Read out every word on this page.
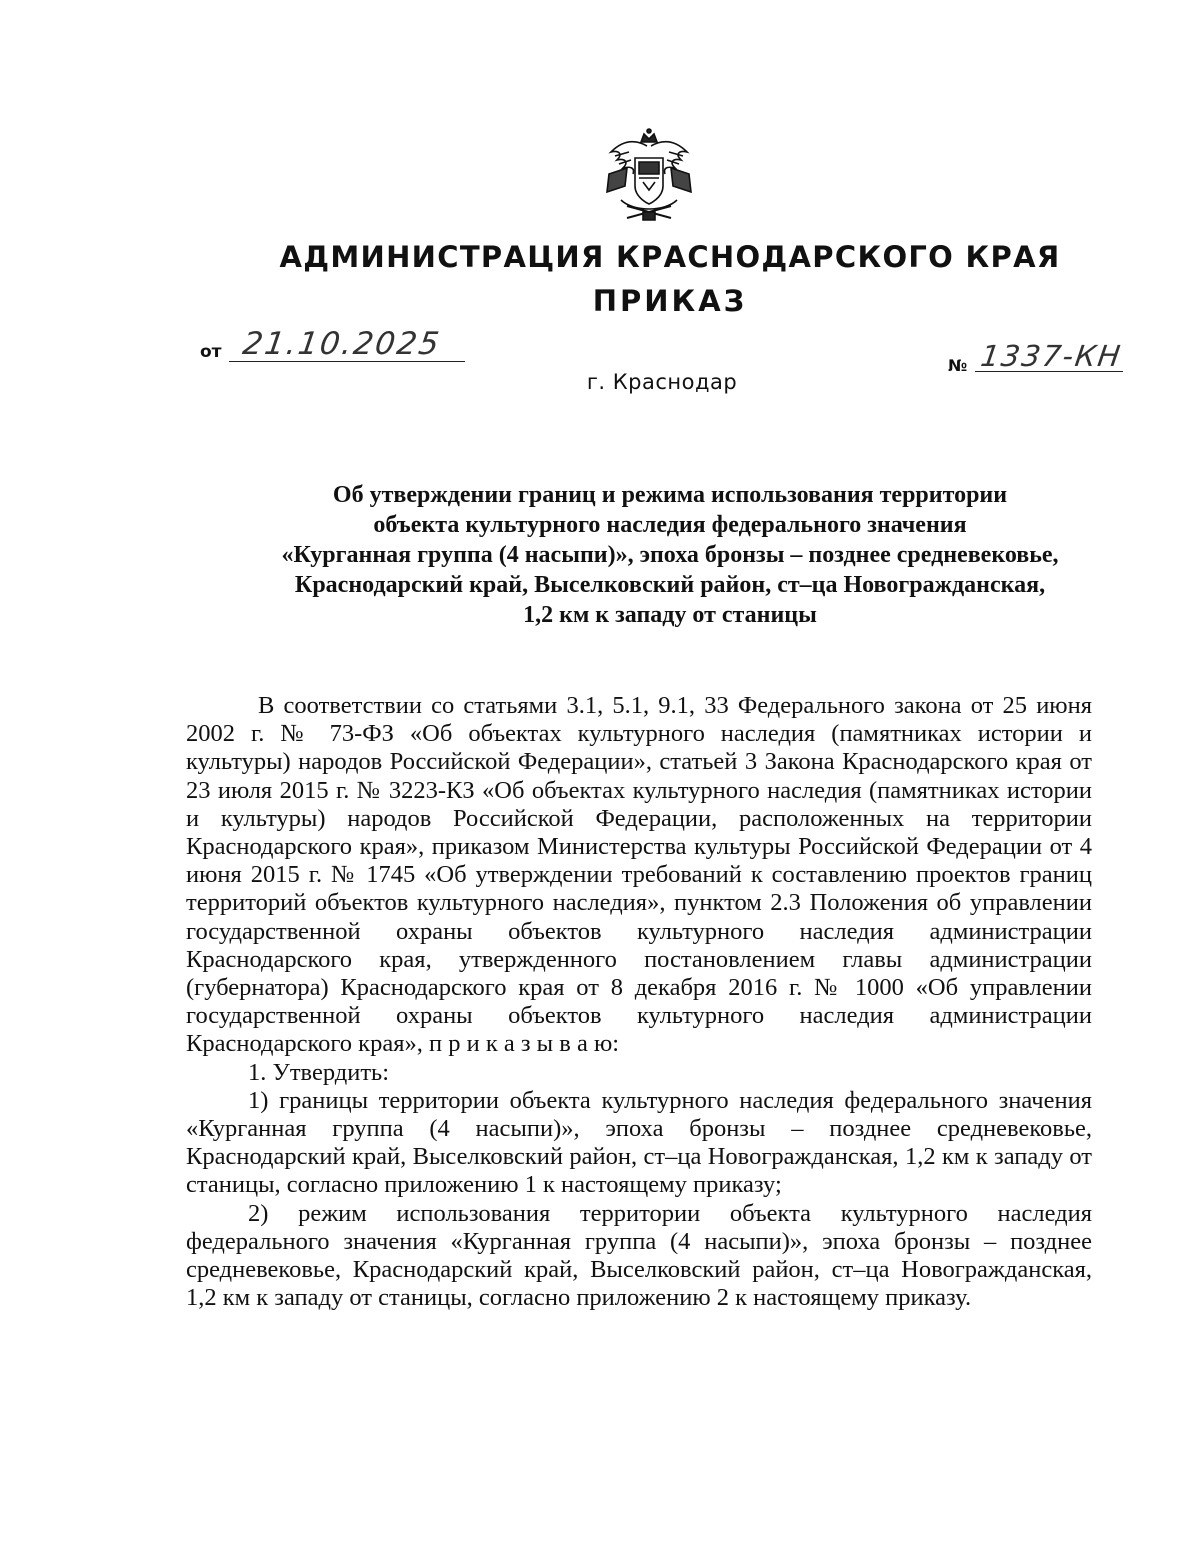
АДМИНИСТРАЦИЯ КРАСНОДАРСКОГО КРАЯ
ПРИКАЗ
от 21.10.2025
г. Краснодар
№ 1337-КН
Об утверждении границ и режима использования территории
объекта культурного наследия федерального значения
«Курганная группа (4 насыпи)», эпоха бронзы – позднее средневековье,
Краснодарский край, Выселковский район, ст–ца Новогражданская,
1,2 км к западу от станицы

В соответствии со статьями 3.1, 5.1, 9.1, 33 Федерального закона от 25 июня 2002 г. № 73-ФЗ «Об объектах культурного наследия (памятниках истории и культуры) народов Российской Федерации», статьей 3 Закона Краснодарского края от 23 июля 2015 г. № 3223-КЗ «Об объектах культурного наследия (памятниках истории и культуры) народов Российской Федерации, расположенных на территории Краснодарского края», приказом Министерства культуры Российской Федерации от 4 июня 2015 г. № 1745 «Об утверждении требований к составлению проектов границ территорий объектов культурного наследия», пунктом 2.3 Положения об управлении государственной охраны объектов культурного наследия администрации Краснодарского края, утвержденного постановлением главы администрации (губернатора) Краснодарского края от 8 декабря 2016 г. № 1000 «Об управлении государственной охраны объектов культурного наследия администрации Краснодарского края», п р и к а з ы в а ю:

1. Утвердить:

1) границы территории объекта культурного наследия федерального значения «Курганная группа (4 насыпи)», эпоха бронзы – позднее средневековье, Краснодарский край, Выселковский район, ст–ца Новогражданская, 1,2 км к западу от станицы, согласно приложению 1 к настоящему приказу;

2) режим использования территории объекта культурного наследия федерального значения «Курганная группа (4 насыпи)», эпоха бронзы – позднее средневековье, Краснодарский край, Выселковский район, ст–ца Новогражданская, 1,2 км к западу от станицы, согласно приложению 2 к настоящему приказу.
